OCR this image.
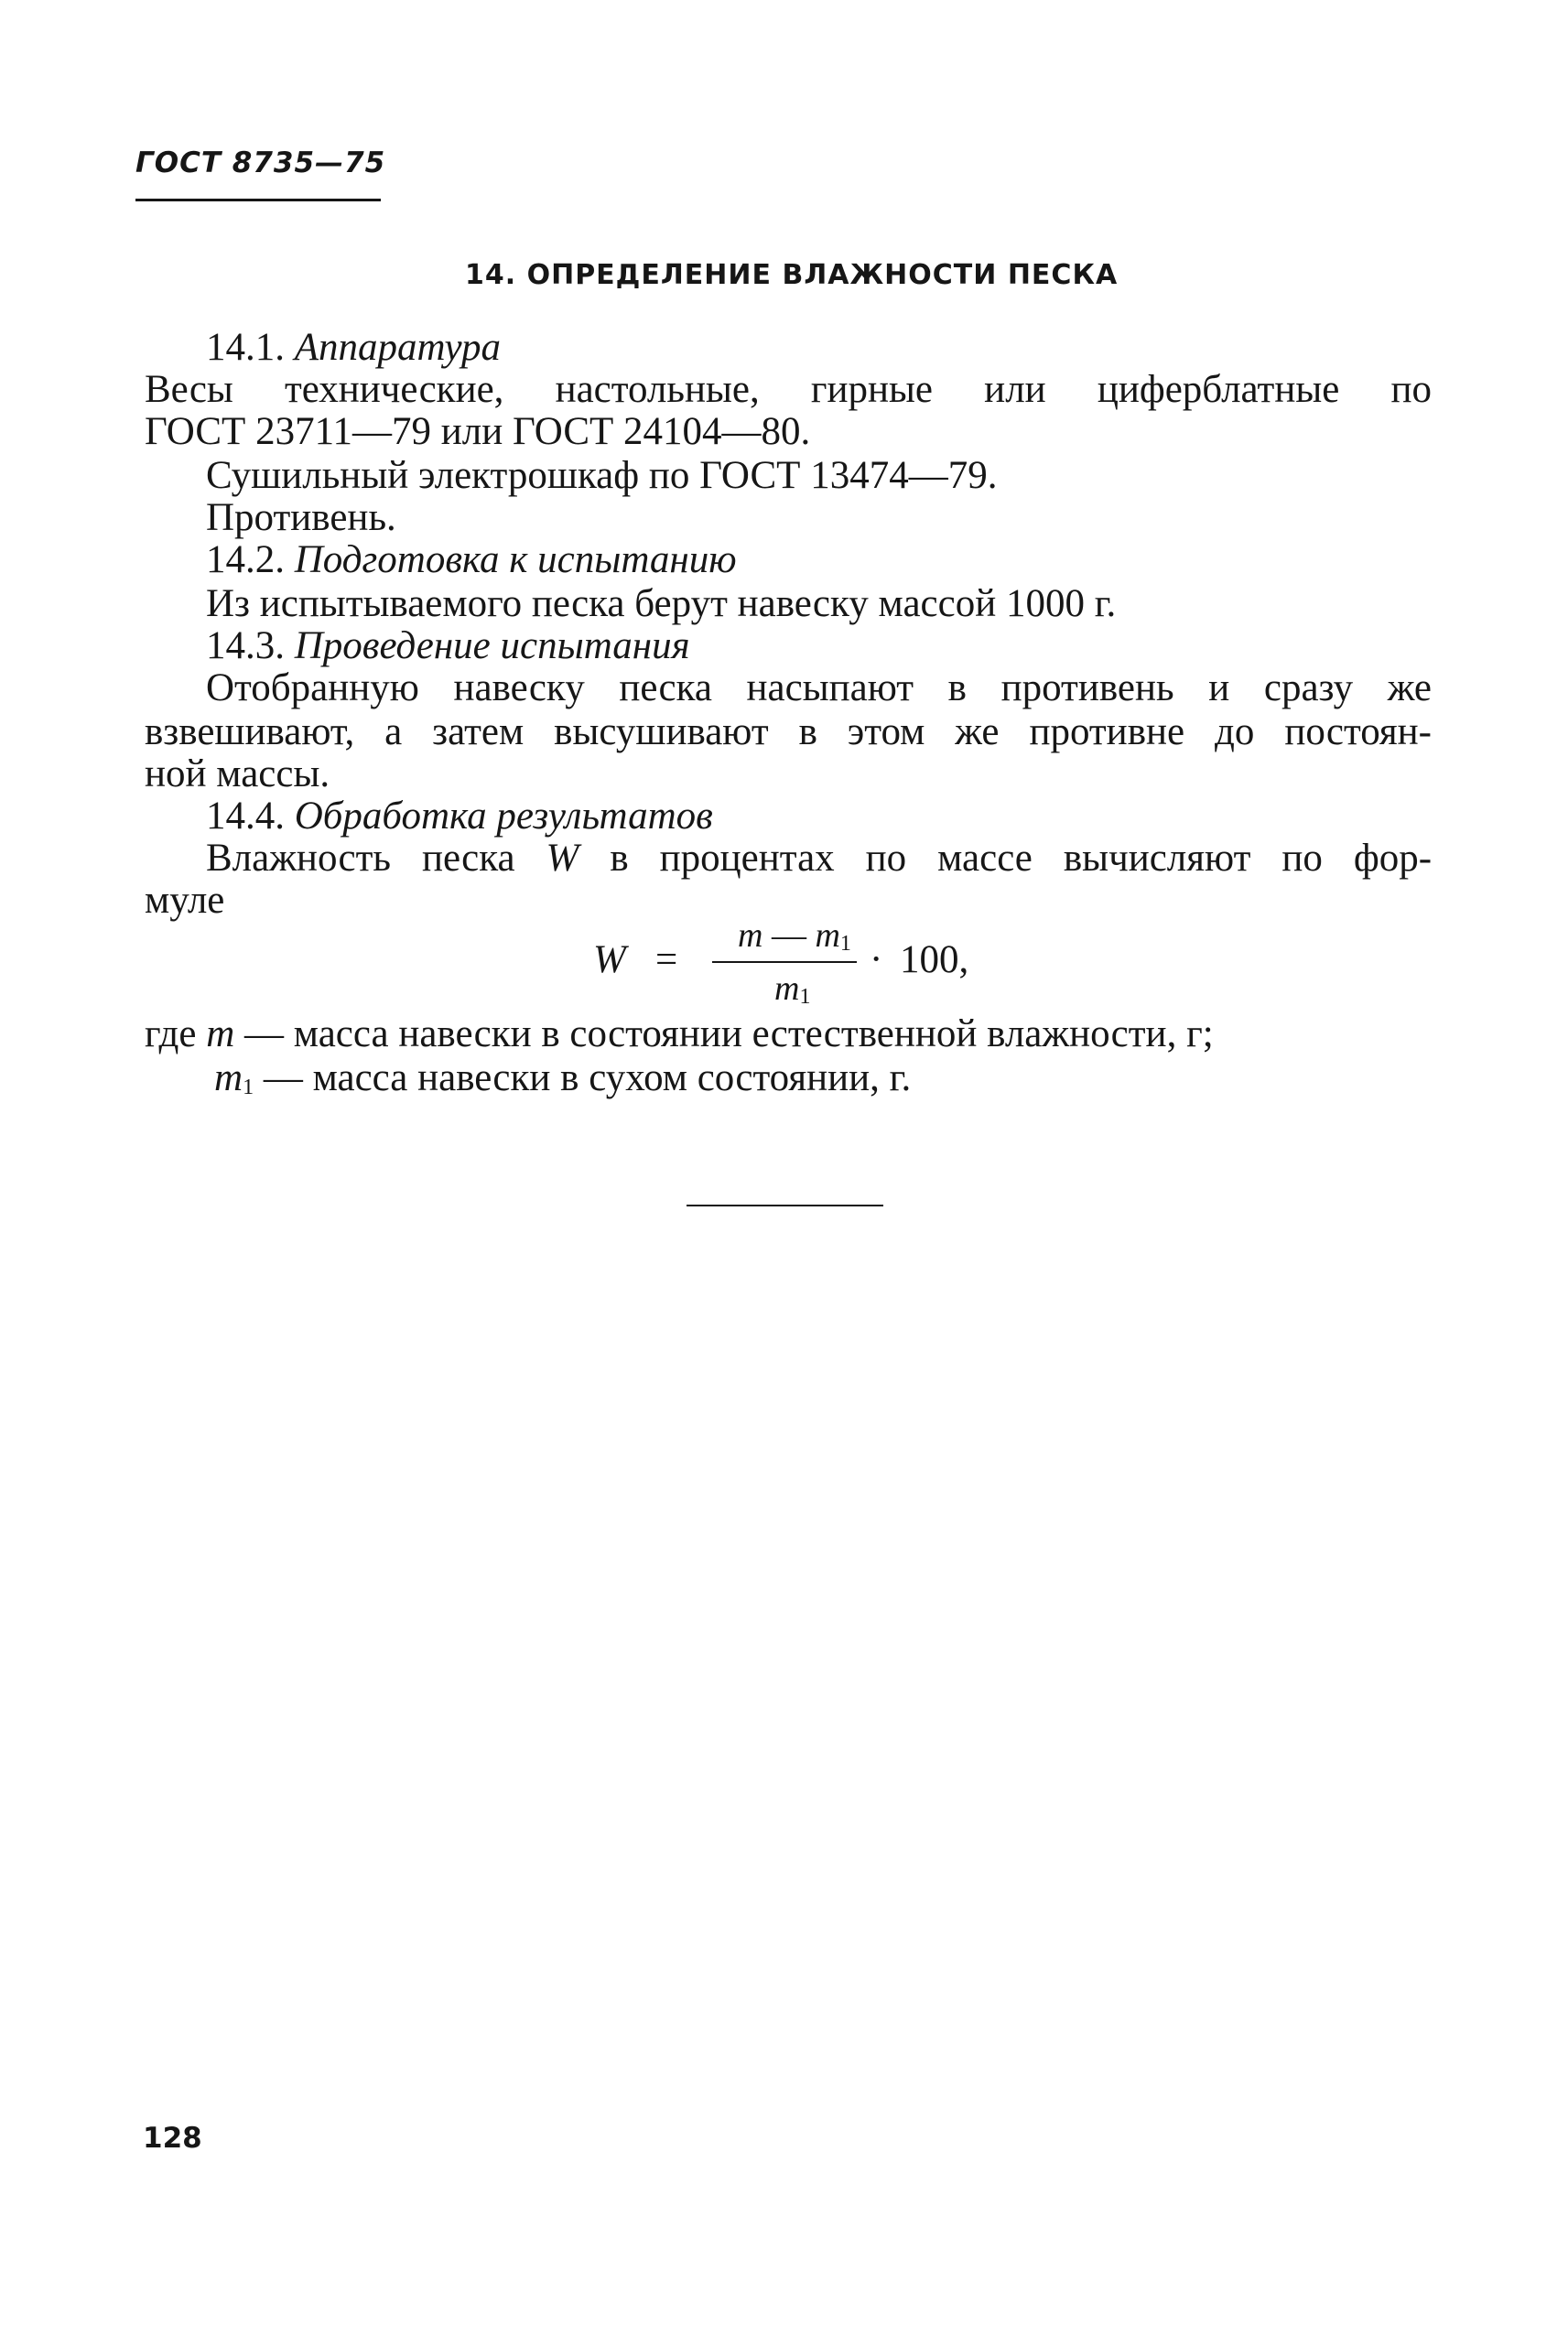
ГОСТ 8735—75
14. ОПРЕДЕЛЕНИЕ ВЛАЖНОСТИ ПЕСКА
14.1. Аппаратура
Весы технические, настольные, гирные или циферблатные по
ГОСТ 23711—79 или ГОСТ 24104—80.
Сушильный электрошкаф по ГОСТ 13474—79.
Противень.
14.2. Подготовка к испытанию
Из испытываемого песка берут навеску массой 1000 г.
14.3. Проведение испытания
Отобранную навеску песка насыпают в противень и сразу же
взвешивают, а затем высушивают в этом же противне до постоян-
ной массы.
14.4. Обработка результатов
Влажность песка W в процентах по массе вычисляют по фор-
муле
W =
m — m1
m1
· 100,
где m — масса навески в состоянии естественной влажности, г;
m1 — масса навески в сухом состоянии, г.
128
